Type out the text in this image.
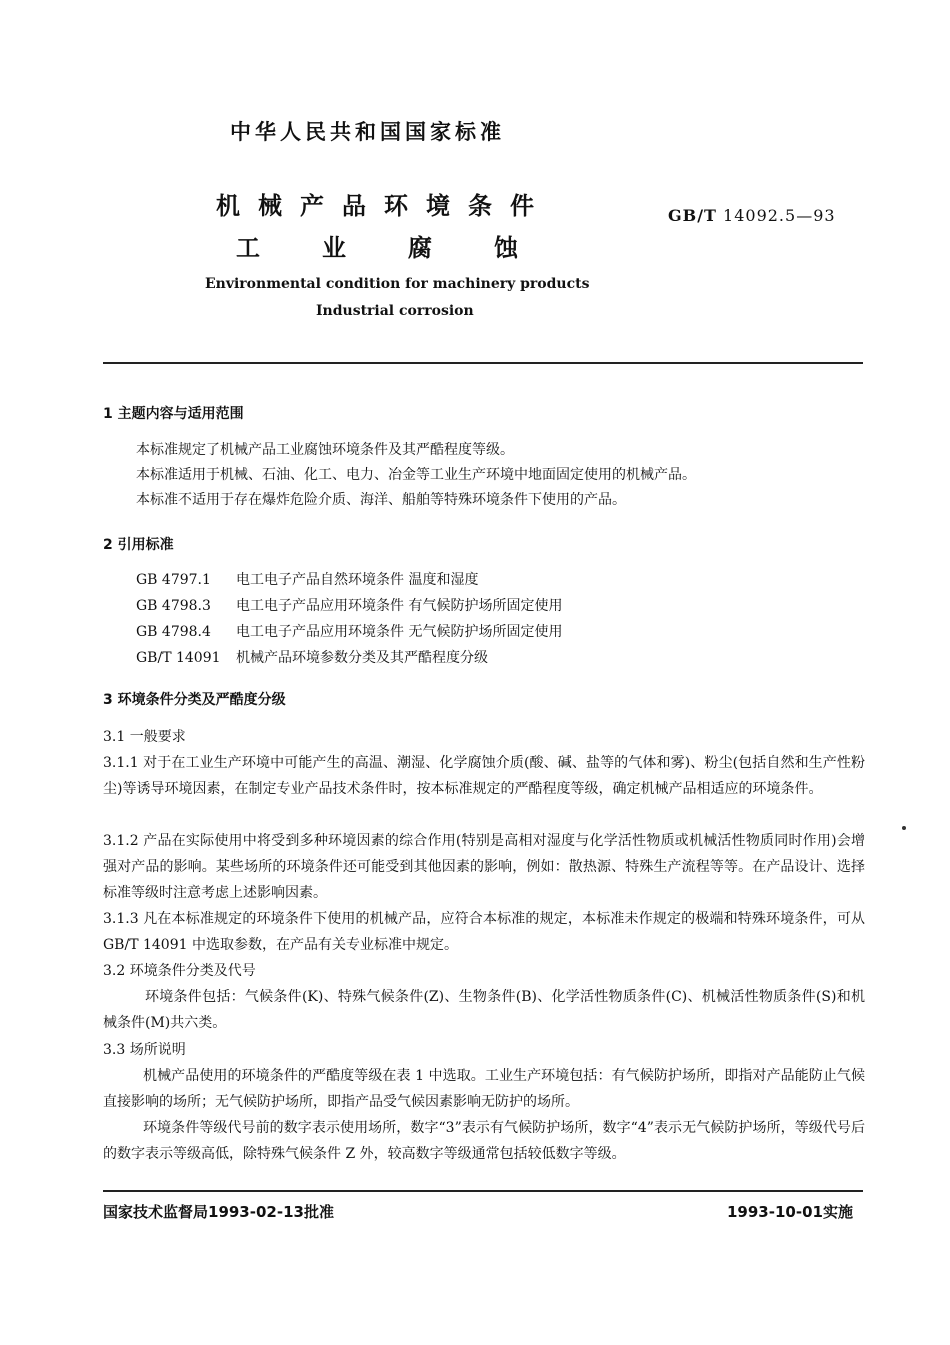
中华人民共和国国家标准
机械产品环境条件
工业腐蚀
GB/T 14092.5—93
Environmental condition for machinery products
Industrial corrosion
1 主题内容与适用范围
本标准规定了机械产品工业腐蚀环境条件及其严酷程度等级。
本标准适用于机械、石油、化工、电力、冶金等工业生产环境中地面固定使用的机械产品。
本标准不适用于存在爆炸危险介质、海洋、船舶等特殊环境条件下使用的产品。
2 引用标准
GB 4797.1 电工电子产品自然环境条件 温度和湿度
GB 4798.3 电工电子产品应用环境条件 有气候防护场所固定使用
GB 4798.4 电工电子产品应用环境条件 无气候防护场所固定使用
GB/T 14091 机械产品环境参数分类及其严酷程度分级
3 环境条件分类及严酷度分级
3.1 一般要求
3.1.1 对于在工业生产环境中可能产生的高温、潮湿、化学腐蚀介质(酸、碱、盐等的气体和雾)、粉尘(包括自然和生产性粉尘)等诱导环境因素，在制定专业产品技术条件时，按本标准规定的严酷程度等级，确定机械产品相适应的环境条件。
3.1.2 产品在实际使用中将受到多种环境因素的综合作用(特别是高相对湿度与化学活性物质或机械活性物质同时作用)会增强对产品的影响。某些场所的环境条件还可能受到其他因素的影响，例如：散热源、特殊生产流程等等。在产品设计、选择标准等级时注意考虑上述影响因素。
3.1.3 凡在本标准规定的环境条件下使用的机械产品，应符合本标准的规定，本标准未作规定的极端和特殊环境条件，可从 GB/T 14091 中选取参数，在产品有关专业标准中规定。
3.2 环境条件分类及代号
环境条件包括：气候条件(K)、特殊气候条件(Z)、生物条件(B)、化学活性物质条件(C)、机械活性物质条件(S)和机械条件(M)共六类。
3.3 场所说明
机械产品使用的环境条件的严酷度等级在表 1 中选取。工业生产环境包括：有气候防护场所，即指对产品能防止气候直接影响的场所；无气候防护场所，即指产品受气候因素影响无防护的场所。
环境条件等级代号前的数字表示使用场所，数字“3”表示有气候防护场所，数字“4”表示无气候防护场所，等级代号后的数字表示等级高低，除特殊气候条件 Z 外，较高数字等级通常包括较低数字等级。
国家技术监督局1993-02-13批准	1993-10-01实施
